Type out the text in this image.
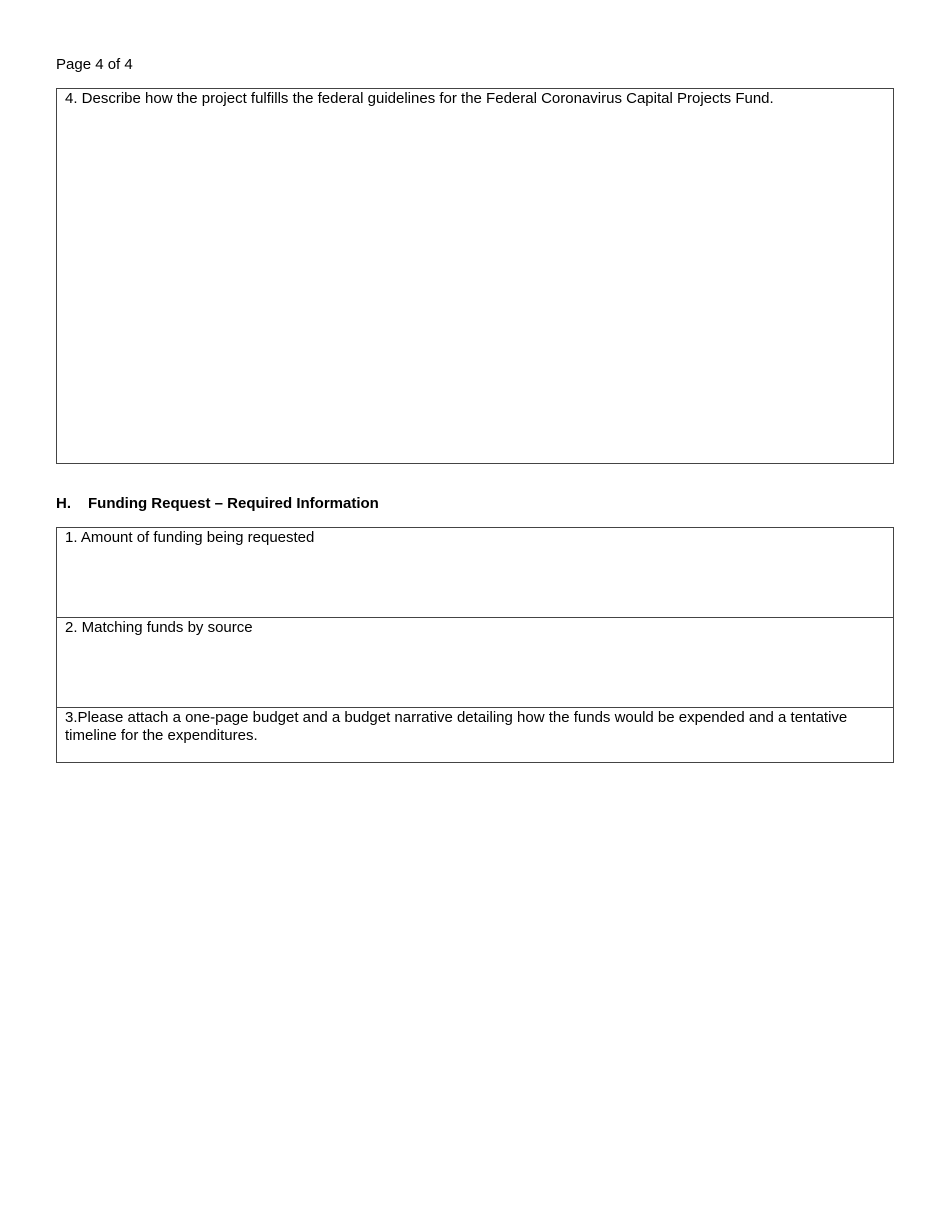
Page 4 of 4
4. Describe how the project fulfills the federal guidelines for the Federal Coronavirus Capital Projects Fund.
H. Funding Request – Required Information
1. Amount of funding being requested
2. Matching funds by source
3.Please attach a one-page budget and a budget narrative detailing how the funds would be expended and a tentative timeline for the expenditures.
